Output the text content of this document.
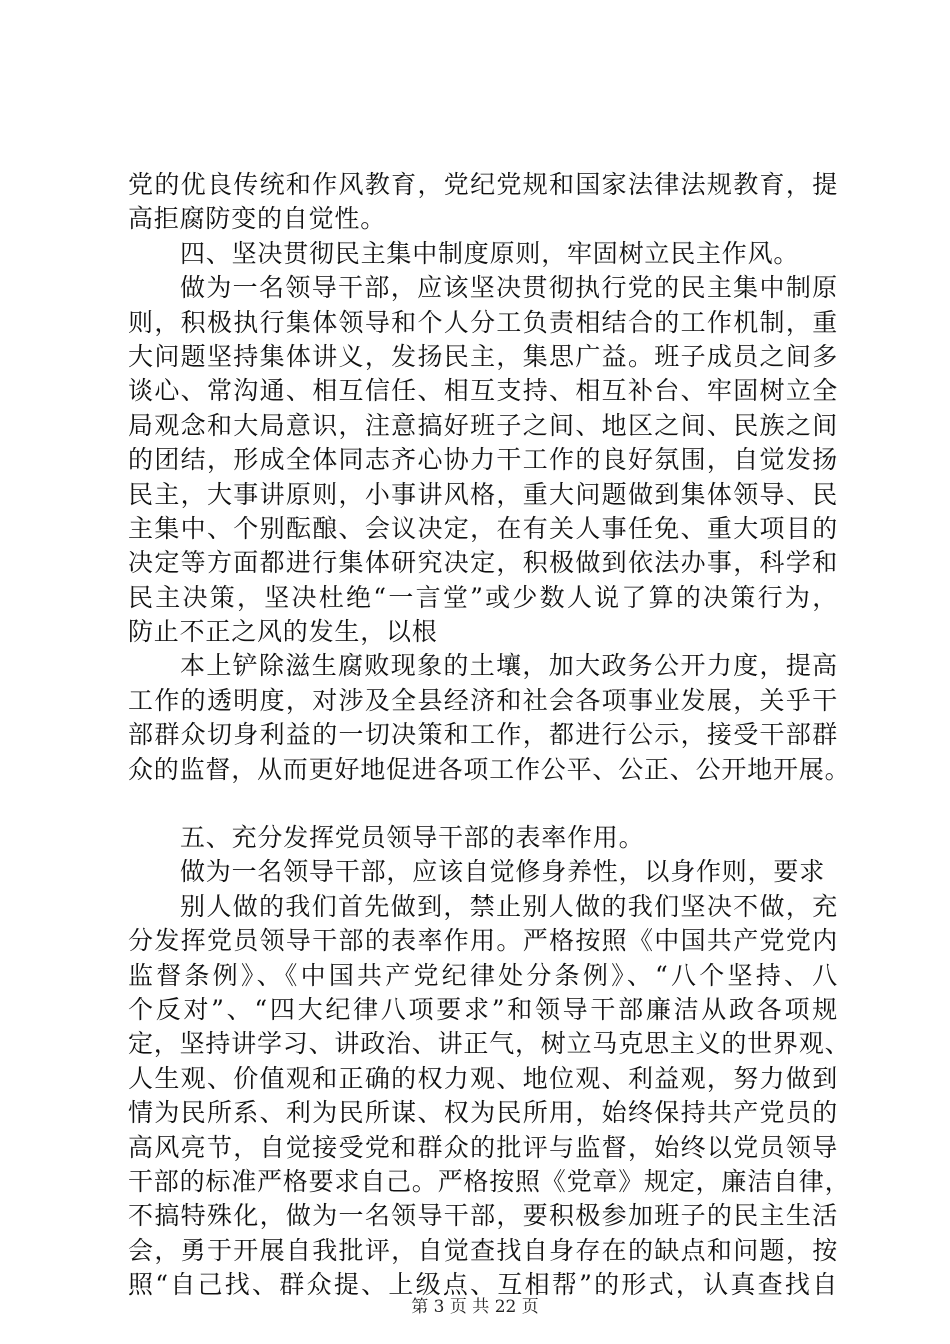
党的优良传统和作风教育，党纪党规和国家法律法规教育，提
高拒腐防变的自觉性。
四、坚决贯彻民主集中制度原则，牢固树立民主作风。
做为一名领导干部，应该坚决贯彻执行党的民主集中制原
则，积极执行集体领导和个人分工负责相结合的工作机制，重
大问题坚持集体讲义，发扬民主，集思广益。班子成员之间多
谈心、常沟通、相互信任、相互支持、相互补台、牢固树立全
局观念和大局意识，注意搞好班子之间、地区之间、民族之间
的团结，形成全体同志齐心协力干工作的良好氛围，自觉发扬
民主，大事讲原则，小事讲风格，重大问题做到集体领导、民
主集中、个别酝酿、会议决定，在有关人事任免、重大项目的
决定等方面都进行集体研究决定，积极做到依法办事，科学和
民主决策，坚决杜绝“一言堂”或少数人说了算的决策行为，
防止不正之风的发生，以根
本上铲除滋生腐败现象的土壤，加大政务公开力度，提高
工作的透明度，对涉及全县经济和社会各项事业发展，关乎干
部群众切身利益的一切决策和工作，都进行公示，接受干部群
众的监督，从而更好地促进各项工作公平、公正、公开地开展。
五、充分发挥党员领导干部的表率作用。
做为一名领导干部，应该自觉修身养性，以身作则，要求
别人做的我们首先做到，禁止别人做的我们坚决不做，充
分发挥党员领导干部的表率作用。严格按照《中国共产党党内
监督条例》、《中国共产党纪律处分条例》、“八个坚持、八
个反对”、“四大纪律八项要求”和领导干部廉洁从政各项规
定，坚持讲学习、讲政治、讲正气，树立马克思主义的世界观、
人生观、价值观和正确的权力观、地位观、利益观，努力做到
情为民所系、利为民所谋、权为民所用，始终保持共产党员的
高风亮节，自觉接受党和群众的批评与监督，始终以党员领导
干部的标准严格要求自己。严格按照《党章》规定，廉洁自律，
不搞特殊化，做为一名领导干部，要积极参加班子的民主生活
会，勇于开展自我批评，自觉查找自身存在的缺点和问题，按
照“自己找、群众提、上级点、互相帮”的形式，认真查找自
第 3 页 共 22 页
